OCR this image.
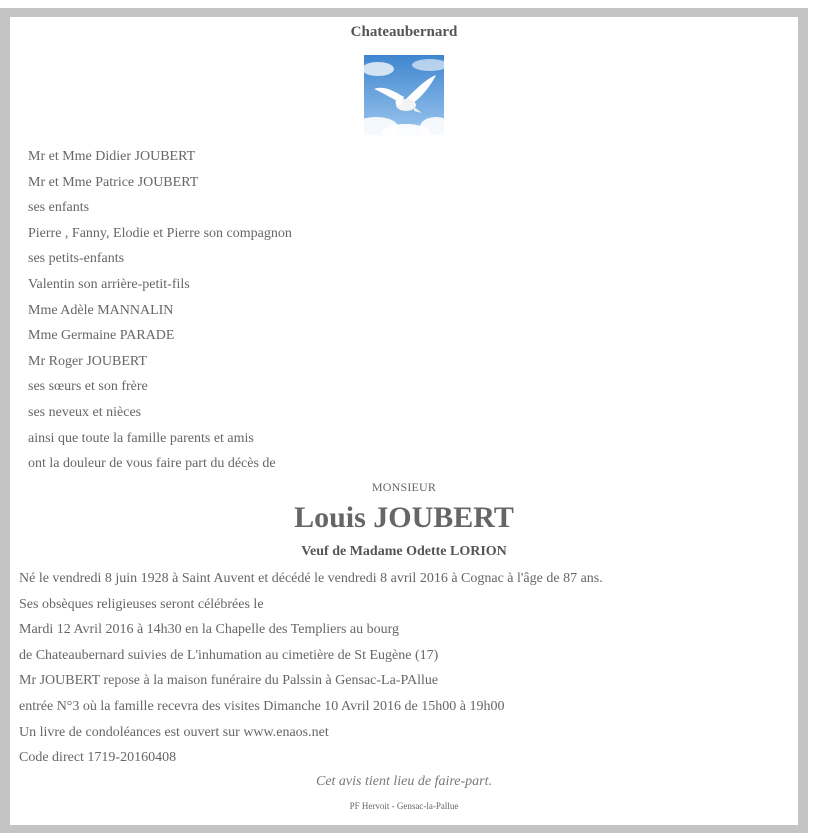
Chateaubernard
Mr et Mme Didier JOUBERT
Mr et Mme Patrice JOUBERT
ses enfants
Pierre , Fanny, Elodie et Pierre son compagnon
ses petits-enfants
Valentin son arrière-petit-fils
Mme Adèle MANNALIN
Mme Germaine PARADE
Mr Roger JOUBERT
ses sœurs et son frère
ses neveux et nièces
ainsi que toute la famille parents et amis
ont la douleur de vous faire part du décès de
MONSIEUR
Louis JOUBERT
Veuf de Madame Odette LORION
Né le vendredi 8 juin 1928 à Saint Auvent et décédé le vendredi 8 avril 2016 à Cognac à l'âge de 87 ans.
Ses obsèques religieuses seront célébrées le
Mardi 12 Avril 2016 à 14h30 en la Chapelle des Templiers au bourg
de Chateaubernard suivies de L'inhumation au cimetière de St Eugène (17)
Mr JOUBERT repose à la maison funéraire du Palssin à Gensac-La-PAllue
entrée N°3 où la famille recevra des visites Dimanche 10 Avril 2016 de 15h00 à 19h00
Un livre de condoléances est ouvert sur www.enaos.net
Code direct 1719-20160408
Cet avis tient lieu de faire-part.
PF Hervoit - Gensac-la-Pallue
